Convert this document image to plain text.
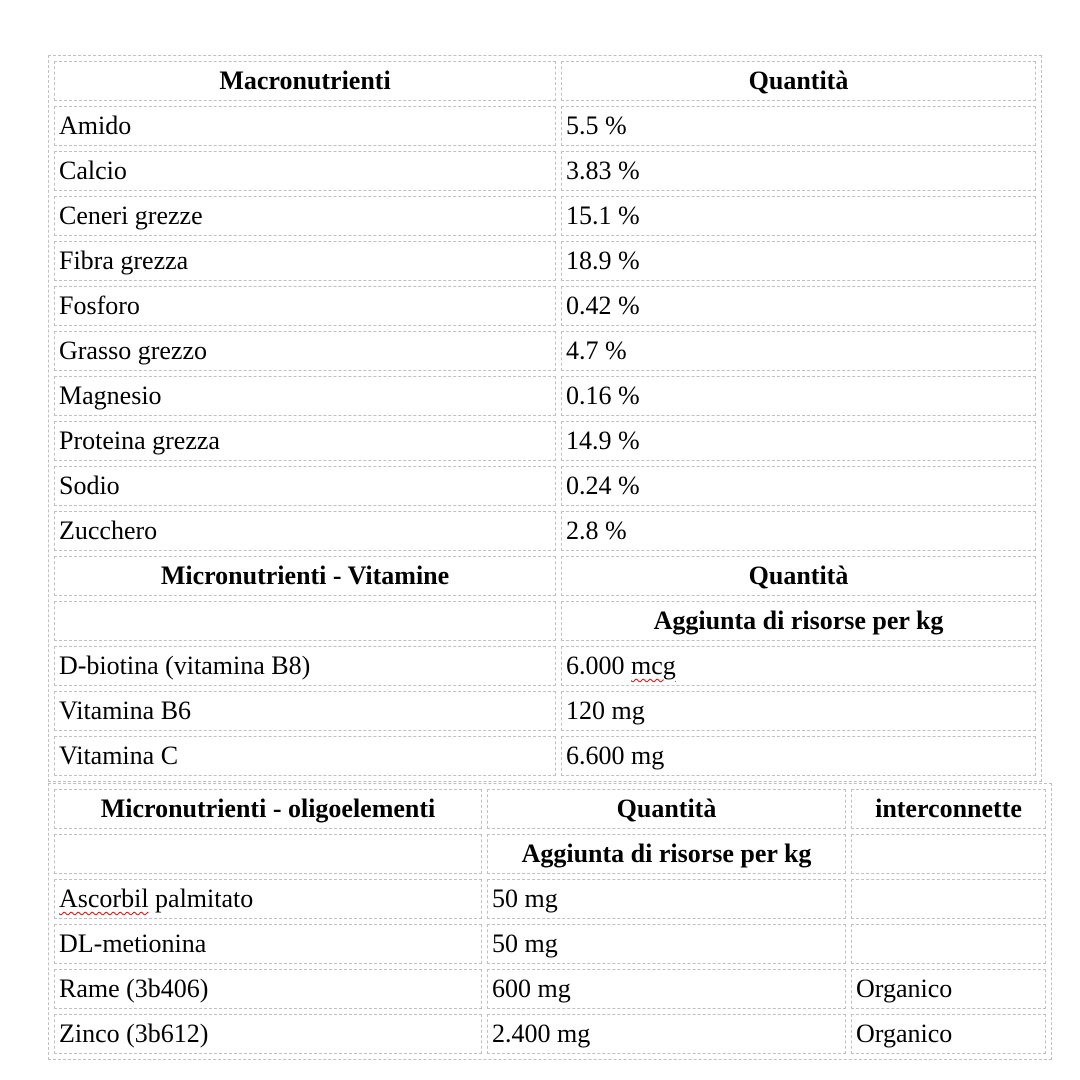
Macronutrienti	Quantità
Amido	5.5 %
Calcio	3.83 %
Ceneri grezze	15.1 %
Fibra grezza	18.9 %
Fosforo	0.42 %
Grasso grezzo	4.7 %
Magnesio	0.16 %
Proteina grezza	14.9 %
Sodio	0.24 %
Zucchero	2.8 %
Micronutrienti - Vitamine	Quantità
	Aggiunta di risorse per kg
D-biotina (vitamina B8)	6.000 mcg
Vitamina B6	120 mg
Vitamina C	6.600 mg
Micronutrienti - oligoelementi	Quantità	interconnette
	Aggiunta di risorse per kg	
Ascorbil palmitato	50 mg	
DL-metionina	50 mg	
Rame (3b406)	600 mg	Organico
Zinco (3b612)	2.400 mg	Organico
